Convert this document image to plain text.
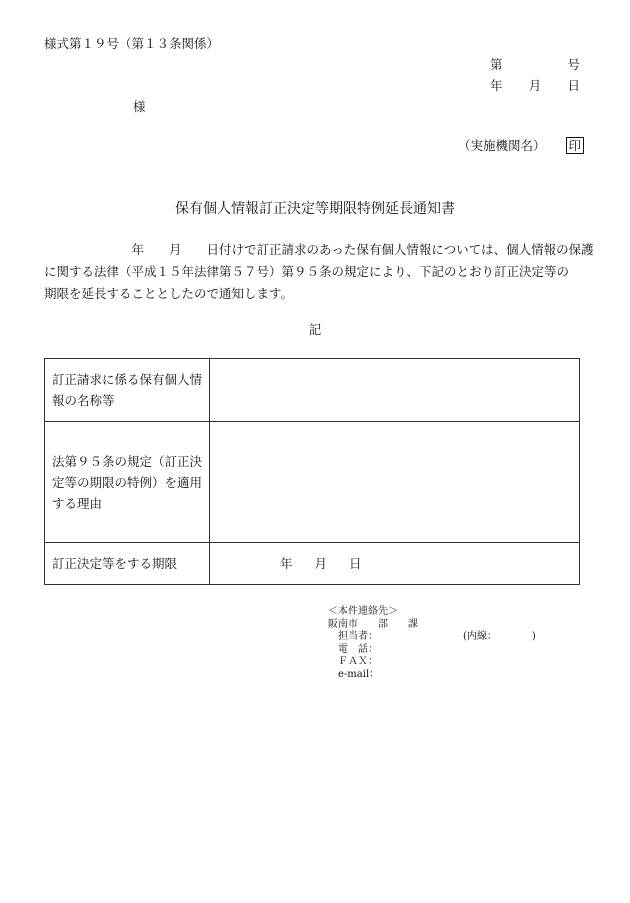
様式第１９号（第１３条関係）
第	号
年 月 日
様
（実施機関名） 印
保有個人情報訂正決定等期限特例延長通知書
　　　　　　　年　　月　　日付けで訂正請求のあった保有個人情報については、個人情報の保護
に関する法律（平成１５年法律第５７号）第９５条の規定により、下記のとおり訂正決定等の
期限を延長することとしたので通知します。
記
訂正請求に係る保有個人情
報の名称等	

法第９５条の規定（訂正決
定等の期限の特例）を適用
する理由	

訂正決定等をする期限	年 月 日
＜本件連絡先＞
阪南市　　部　　課
　担当者：　　　　　　　　　(内線：　　　　)
　電　話：
　ＦＡＸ：
　e-mail：
